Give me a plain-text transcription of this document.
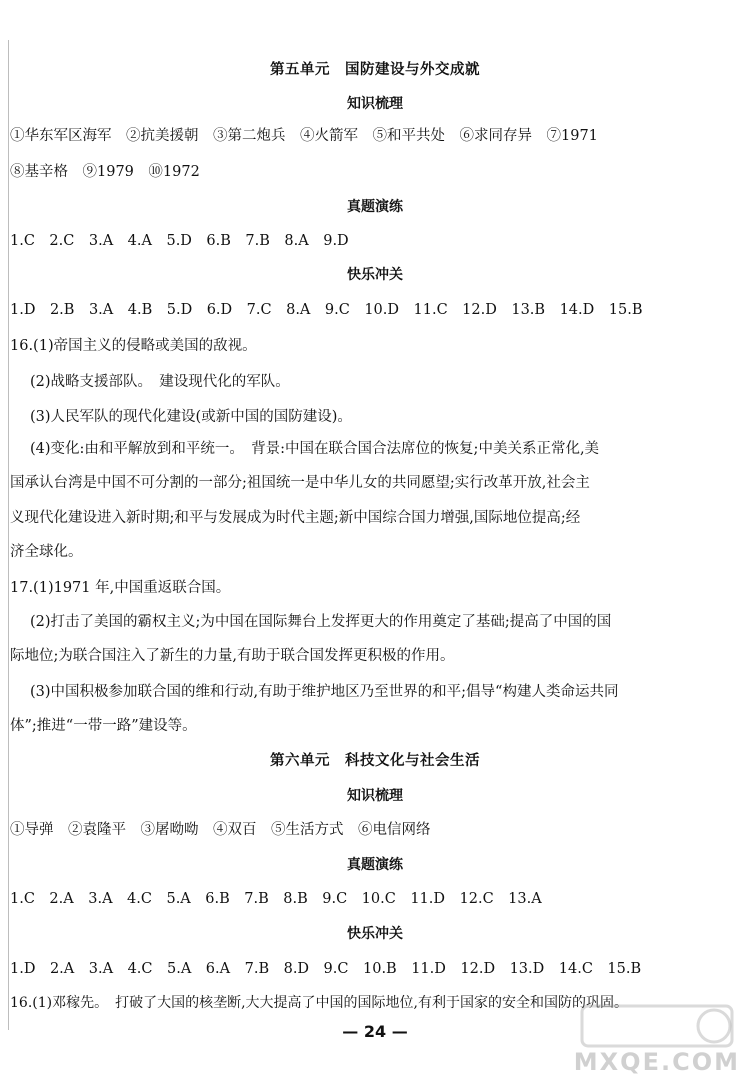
第五单元　国防建设与外交成就
知识梳理
①华东军区海军　②抗美援朝　③第二炮兵　④火箭军　⑤和平共处　⑥求同存异　⑦1971
⑧基辛格　⑨1979　⑩1972
真题演练
1.C　2.C　3.A　4.A　5.D　6.B　7.B　8.A　9.D
快乐冲关
1.D　2.B　3.A　4.B　5.D　6.D　7.C　8.A　9.C　10.D　11.C　12.D　13.B　14.D　15.B
16.(1)帝国主义的侵略或美国的敌视。
(2)战略支援部队。　建设现代化的军队。
(3)人民军队的现代化建设(或新中国的国防建设)。
(4)变化:由和平解放到和平统一。　背景:中国在联合国合法席位的恢复;中美关系正常化,美
国承认台湾是中国不可分割的一部分;祖国统一是中华儿女的共同愿望;实行改革开放,社会主
义现代化建设进入新时期;和平与发展成为时代主题;新中国综合国力增强,国际地位提高;经
济全球化。
17.(1)1971 年,中国重返联合国。
(2)打击了美国的霸权主义;为中国在国际舞台上发挥更大的作用奠定了基础;提高了中国的国
际地位;为联合国注入了新生的力量,有助于联合国发挥更积极的作用。
(3)中国积极参加联合国的维和行动,有助于维护地区乃至世界的和平;倡导“构建人类命运共同
体”;推进“一带一路”建设等。
第六单元　科技文化与社会生活
知识梳理
①导弹　②袁隆平　③屠呦呦　④双百　⑤生活方式　⑥电信网络
真题演练
1.C　2.A　3.A　4.C　5.A　6.B　7.B　8.B　9.C　10.C　11.D　12.C　13.A
快乐冲关
1.D　2.A　3.A　4.C　5.A　6.A　7.B　8.D　9.C　10.B　11.D　12.D　13.D　14.C　15.B
16.(1)邓稼先。　打破了大国的核垄断,大大提高了中国的国际地位,有利于国家的安全和国防的巩固。
— 24 —
MXQE.COM
